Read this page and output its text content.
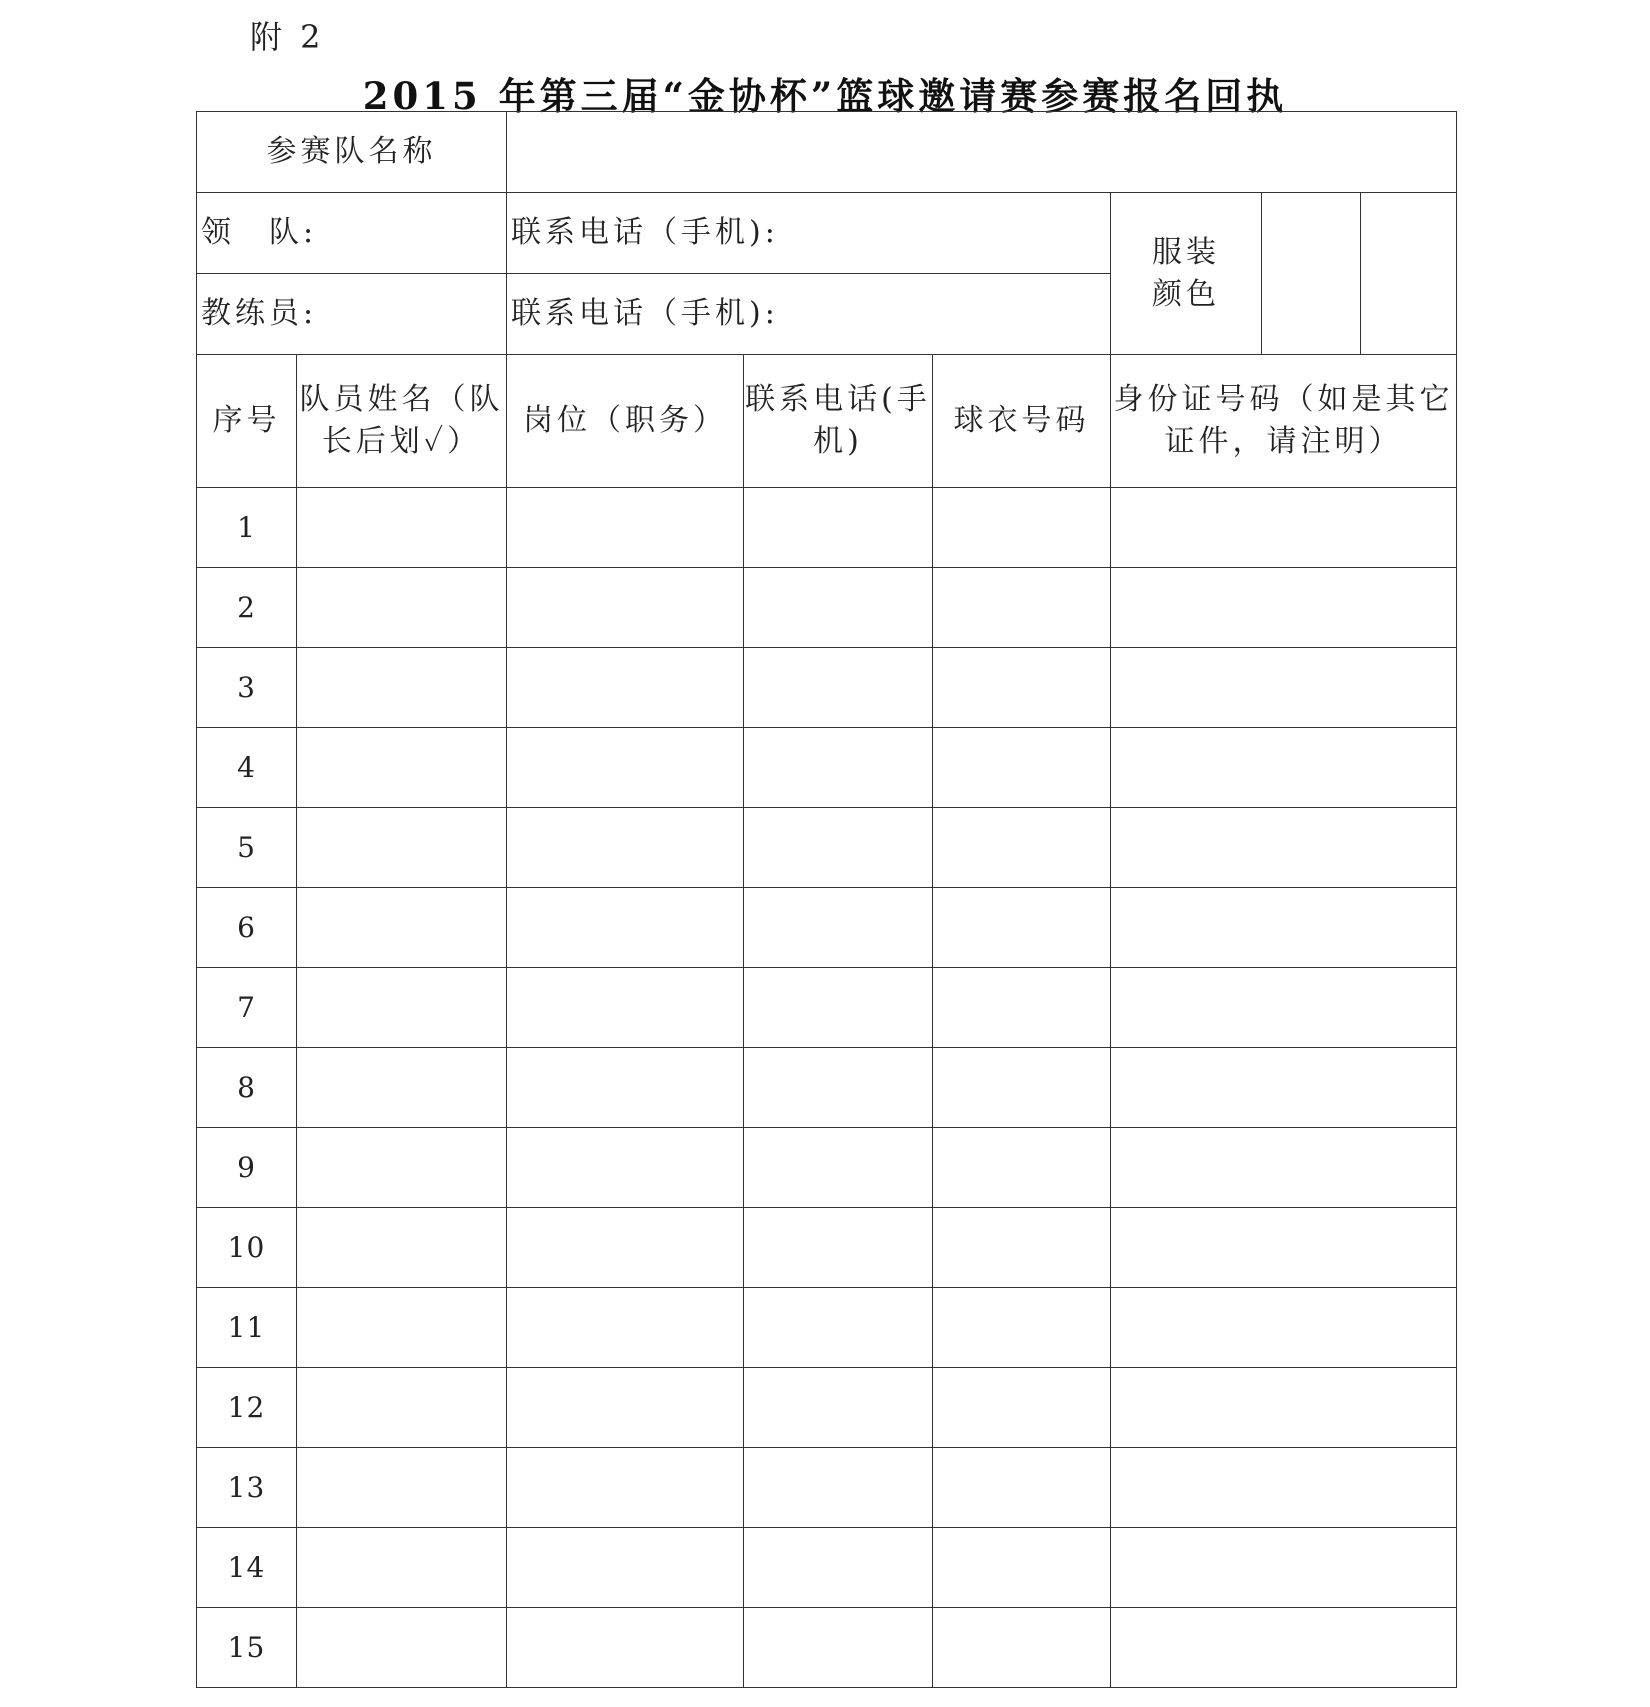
附 2
2015 年第三届“金协杯”篮球邀请赛参赛报名回执
参赛队名称							
领　队:		联系电话（手机):			服装
颜色		
教练员:		联系电话（手机):					
序号	队员姓名（队长后划✓）	岗位（职务）	联系电话(手机)	球衣号码	身份证号码（如是其它证件，请注明）		
1							
2							
3							
4							
5							
6							
7							
8							
9							
10							
11							
12							
13							
14							
15							
